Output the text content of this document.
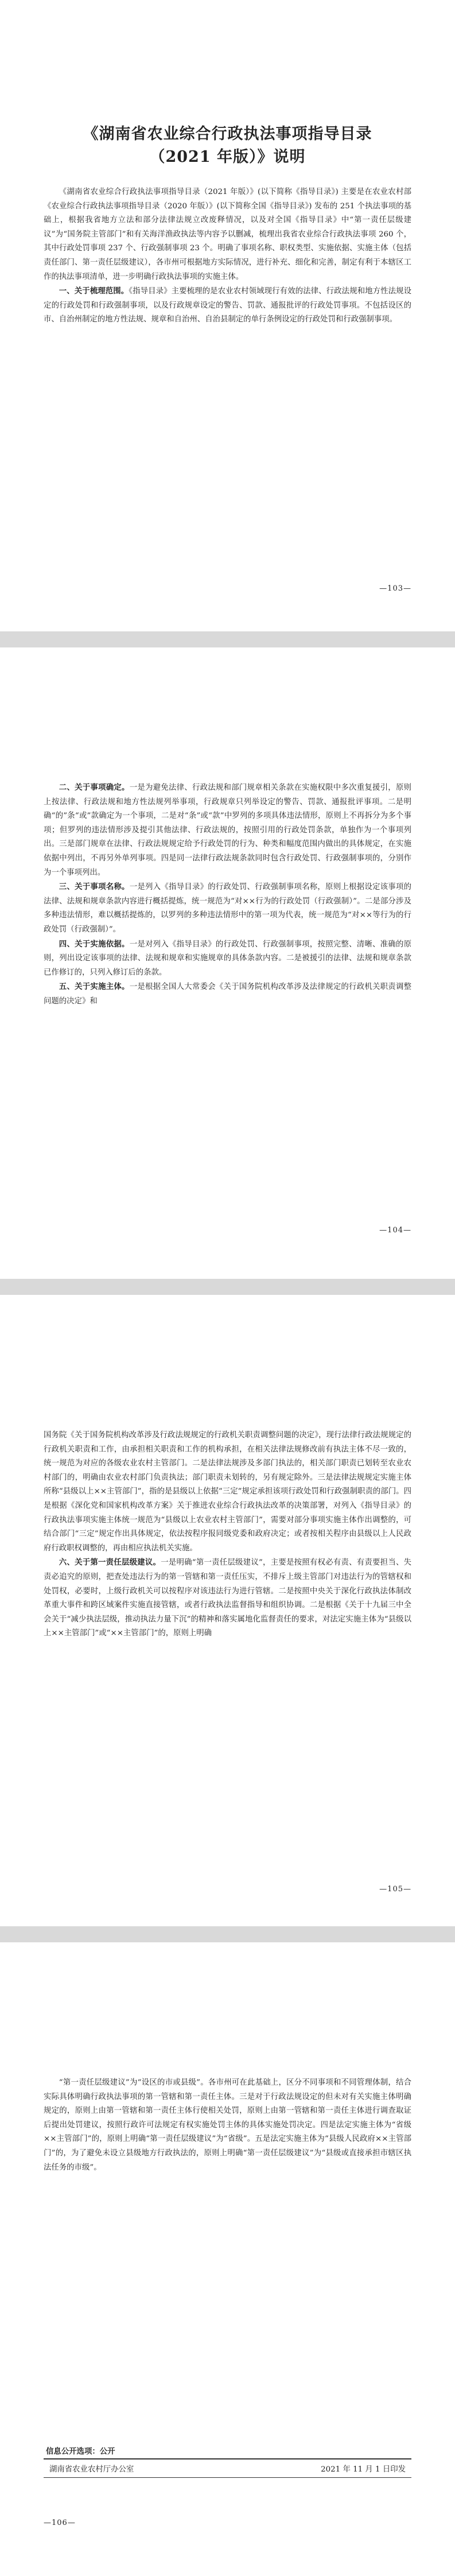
《湖南省农业综合行政执法事项指导目录
（2021 年版）》说明

《湖南省农业综合行政执法事项指导目录（2021 年版）》(以下简称《指导目录》) 主要是在农业农村部《农业综合行政执法事项指导目录（2020 年版）》(以下简称全国《指导目录》) 发布的 251 个执法事项的基础上，根据我省地方立法和部分法律法规立改废释情况，以及对全国《指导目录》中“第一责任层级建议”为“国务院主管部门”和有关海洋渔政执法等内容予以删减，梳理出我省农业综合行政执法事项 260 个，其中行政处罚事项 237 个、行政强制事项 23 个。明确了事项名称、职权类型、实施依据、实施主体（包括责任部门、第一责任层级建议），各市州可根据地方实际情况，进行补充、细化和完善，制定有利于本辖区工作的执法事项清单，进一步明确行政执法事项的实施主体。

一、关于梳理范围。《指导目录》主要梳理的是农业农村领域现行有效的法律、行政法规和地方性法规设定的行政处罚和行政强制事项，以及行政规章设定的警告、罚款、通报批评的行政处罚事项。不包括设区的市、自治州制定的地方性法规、规章和自治州、自治县制定的单行条例设定的行政处罚和行政强制事项。

—103—

二、关于事项确定。一是为避免法律、行政法规和部门规章相关条款在实施权限中多次重复援引，原则上按法律、行政法规和地方性法规列举事项，行政规章只列举设定的警告、罚款、通报批评事项。二是明确“的”条“或”款确定为一个事项，二是对“条”或“款”中罗列的多项具体违法情形，原则上不再拆分为多个事项；但罗列的违法情形涉及提引其他法律、行政法规的，按照引用的行政处罚条款，单独作为一个事项列出。三是部门规章在法律、行政法规规定给予行政处罚的行为、种类和幅度范围内做出的具体规定，在实施依据中列出，不再另外单列事项。四是同一法律行政法规条款同时包含行政处罚、行政强制事项的，分别作为一个事项列出。

三、关于事项名称。一是列入《指导目录》的行政处罚、行政强制事项名称，原则上根据设定该事项的法律、法规和规章条款内容进行概括提炼，统一规范为“对××行为的行政处罚（行政强制）”。二是部分涉及多种违法情形，难以概括提炼的，以罗列的多种违法情形中的第一项为代表，统一规范为“对××等行为的行政处罚（行政强制）”。

四、关于实施依据。一是对列入《指导目录》的行政处罚、行政强制事项，按照完整、清晰、准确的原则，列出设定该事项的法律、法规和规章和实施规章的具体条款内容。二是被援引的法律、法规和规章条款已作修订的，只列入修订后的条款。

五、关于实施主体。一是根据全国人大常委会《关于国务院机构改革涉及法律规定的行政机关职责调整问题的决定》和

—104—

国务院《关于国务院机构改革涉及行政法规规定的行政机关职责调整问题的决定》，现行法律行政法规规定的行政机关职责和工作，由承担相关职责和工作的机构承担，在相关法律法规修改前有执法主体不尽一致的，统一规范为对应的各级农业农村主管部门。二是法律法规涉及多部门执法的，相关部门职责已划转至农业农村部门的，明确由农业农村部门负责执法；部门职责未划转的，另有规定除外。三是法律法规规定实施主体所称“县级以上××主管部门”，指的是县级以上依据“三定”规定承担该项行政处罚和行政强制职责的部门。四是根据《深化党和国家机构改革方案》关于推进农业综合行政执法改革的决策部署，对列入《指导目录》的行政执法事项实施主体统一规范为“县级以上农业农村主管部门”，需要对部分事项实施主体作出调整的，可结合部门“三定”规定作出具体规定，依法按程序报同级党委和政府决定；或者按相关程序由县级以上人民政府行政职权调整的，再由相应执法机关实施。

六、关于第一责任层级建议。一是明确“第一责任层级建议”，主要是按照有权必有责、有责要担当、失责必追究的原则，把查处违法行为的第一管辖和第一责任压实，不排斥上级主管部门对违法行为的管辖权和处罚权，必要时，上级行政机关可以按程序对该违法行为进行管辖。二是按照中央关于深化行政执法体制改革重大事件和跨区域案件实施直接管辖，或者行政执法监督指导和组织协调。二是根据《关于十九届三中全会关于“减少执法层级，推动执法力量下沉”的精神和落实属地化监督责任的要求，对法定实施主体为“县级以上××主管部门”或“××主管部门”的，原则上明确

—105—

“第一责任层级建议”为“设区的市或县级”。各市州可在此基础上，区分不同事项和不同管理体制，结合实际具体明确行政执法事项的第一管辖和第一责任主体。三是对于行政法规设定的但未对有关实施主体明确规定的，原则上由第一管辖和第一责任主体行使相关处罚，原则上由第一管辖和第一责任主体进行调查取证后提出处罚建议，按照行政许可法规定有权实施处罚主体的具体实施处罚决定。四是法定实施主体为“省级××主管部门”的，原则上明确“第一责任层级建议”为“省级”。五是法定实施主体为“县级人民政府××主管部门”的，为了避免未设立县级地方行政执法的，原则上明确“第一责任层级建议”为“县级或直接承担市辖区执法任务的市级”。

信息公开选项：公开
湖南省农业农村厅办公室	2021 年 11 月 1 日印发
—106—
